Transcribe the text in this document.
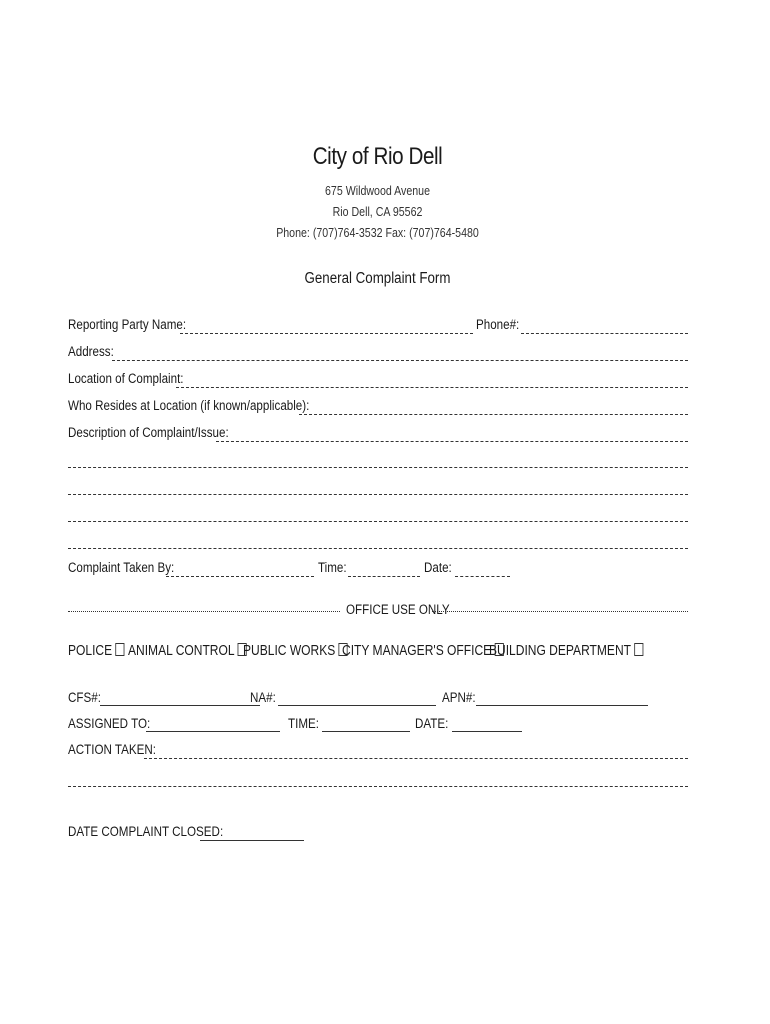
City of Rio Dell
675 Wildwood Avenue
Rio Dell, CA 95562
Phone: (707)764-3532 Fax: (707)764-5480
General Complaint Form
Reporting Party Name:	Phone#:
Address:
Location of Complaint:
Who Resides at Location (if known/applicable):
Description of Complaint/Issue:
Complaint Taken By:	Time:	Date:
OFFICE USE ONLY
POLICE	ANIMAL CONTROL PUBLIC WORKS CITY MANAGER'S OFFICE
BUILDING DEPARTMENT
CFS#:	NA#:	APN#:
ASSIGNED TO:	TIME:	DATE:
ACTION TAKEN:
DATE COMPLAINT CLOSED:
